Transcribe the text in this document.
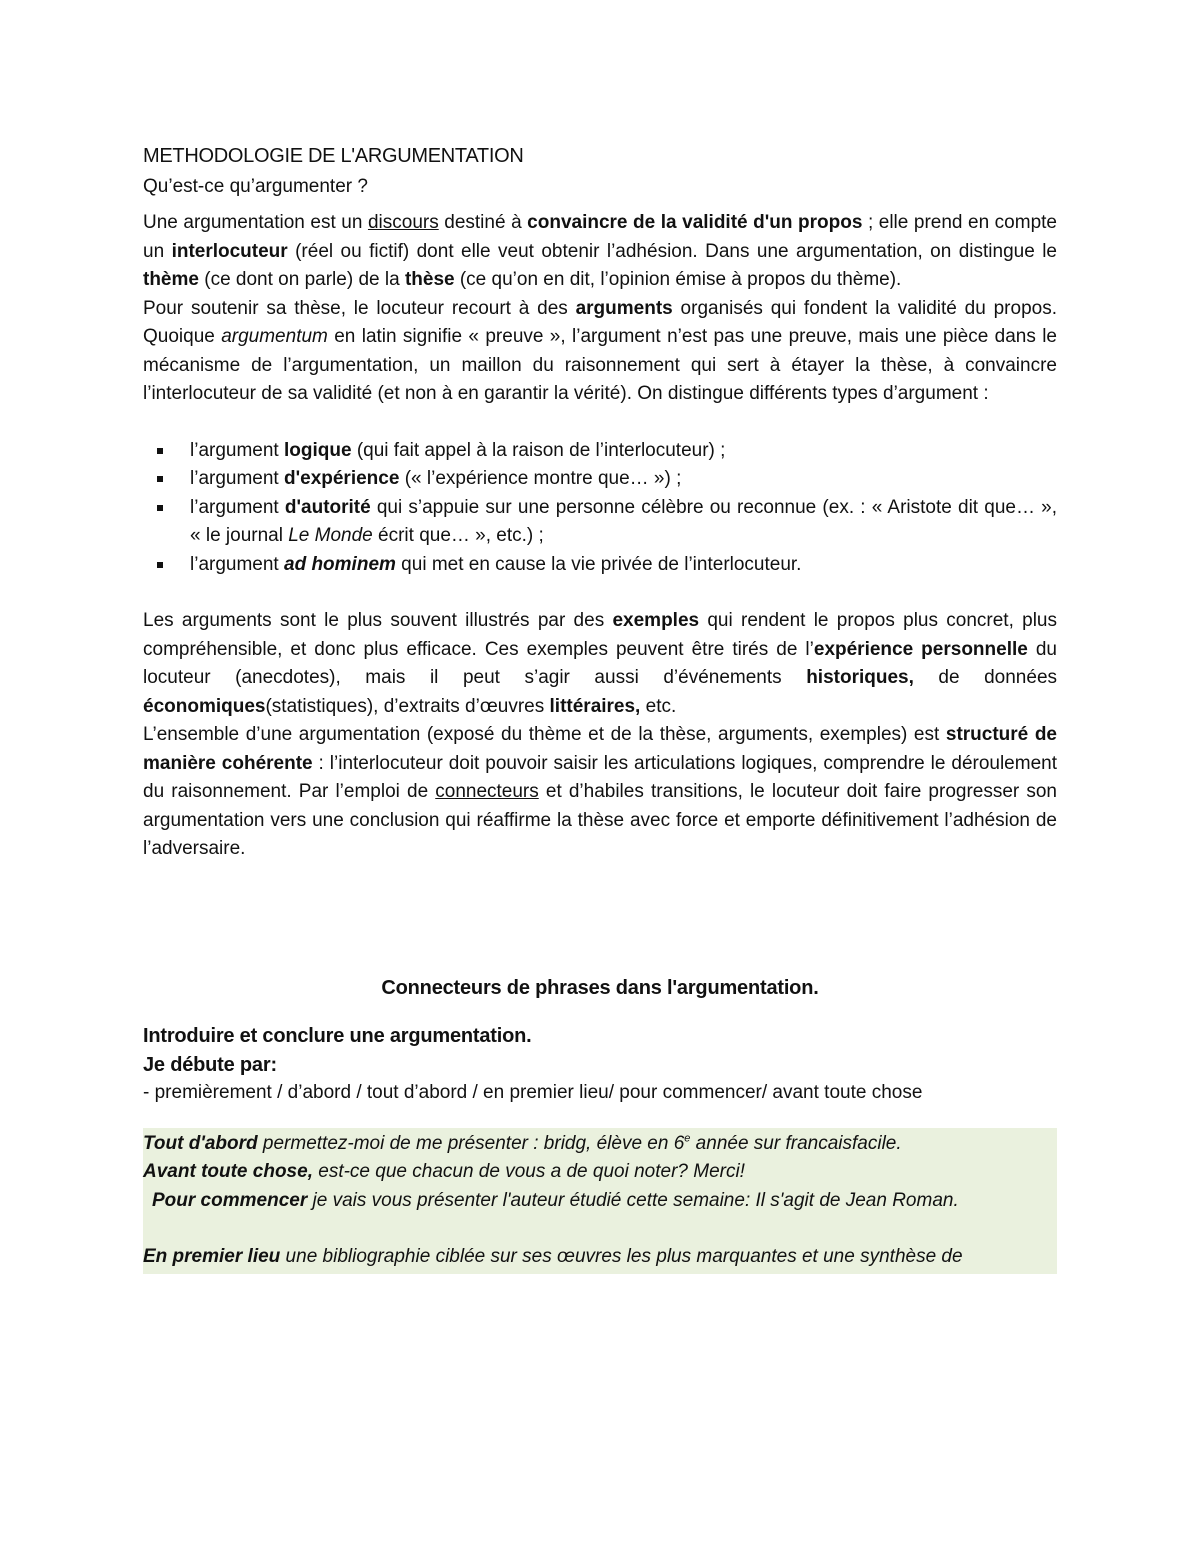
METHODOLOGIE DE L'ARGUMENTATION
Qu’est-ce qu’argumenter ?

Une argumentation est un discours destiné à convaincre de la validité d'un propos ; elle prend en compte un interlocuteur (réel ou fictif) dont elle veut obtenir l’adhésion. Dans une argumentation, on distingue le thème (ce dont on parle) de la thèse (ce qu’on en dit, l’opinion émise à propos du thème).

Pour soutenir sa thèse, le locuteur recourt à des arguments organisés qui fondent la validité du propos. Quoique argumentum en latin signifie « preuve », l’argument n’est pas une preuve, mais une pièce dans le mécanisme de l’argumentation, un maillon du raisonnement qui sert à étayer la thèse, à convaincre l’interlocuteur de sa validité (et non à en garantir la vérité). On distingue différents types d’argument :

l’argument logique (qui fait appel à la raison de l’interlocuteur) ;
l’argument d'expérience (« l’expérience montre que… ») ;
l’argument d'autorité qui s’appuie sur une personne célèbre ou reconnue (ex. : « Aristote dit que… », « le journal Le Monde écrit que… », etc.) ;
l’argument ad hominem qui met en cause la vie privée de l’interlocuteur.

Les arguments sont le plus souvent illustrés par des exemples qui rendent le propos plus concret, plus compréhensible, et donc plus efficace. Ces exemples peuvent être tirés de l’expérience personnelle du locuteur (anecdotes), mais il peut s’agir aussi d’événements historiques, de données économiques(statistiques), d’extraits d’œuvres littéraires, etc.

L’ensemble d’une argumentation (exposé du thème et de la thèse, arguments, exemples) est structuré de manière cohérente : l’interlocuteur doit pouvoir saisir les articulations logiques, comprendre le déroulement du raisonnement. Par l’emploi de connecteurs et d’habiles transitions, le locuteur doit faire progresser son argumentation vers une conclusion qui réaffirme la thèse avec force et emporte définitivement l’adhésion de l’adversaire.

Connecteurs de phrases dans l'argumentation.
Introduire et conclure une argumentation.
Je débute par:
- premièrement / d’abord / tout d’abord / en premier lieu/ pour commencer/ avant toute chose

Tout d'abord permettez-moi de me présenter : bridg, élève en 6e année sur francaisfacile.

Avant toute chose, est-ce que chacun de vous a de quoi noter? Merci!

Pour commencer je vais vous présenter l'auteur étudié cette semaine: Il s'agit de Jean Roman.

En premier lieu une bibliographie ciblée sur ses œuvres les plus marquantes et une synthèse de
